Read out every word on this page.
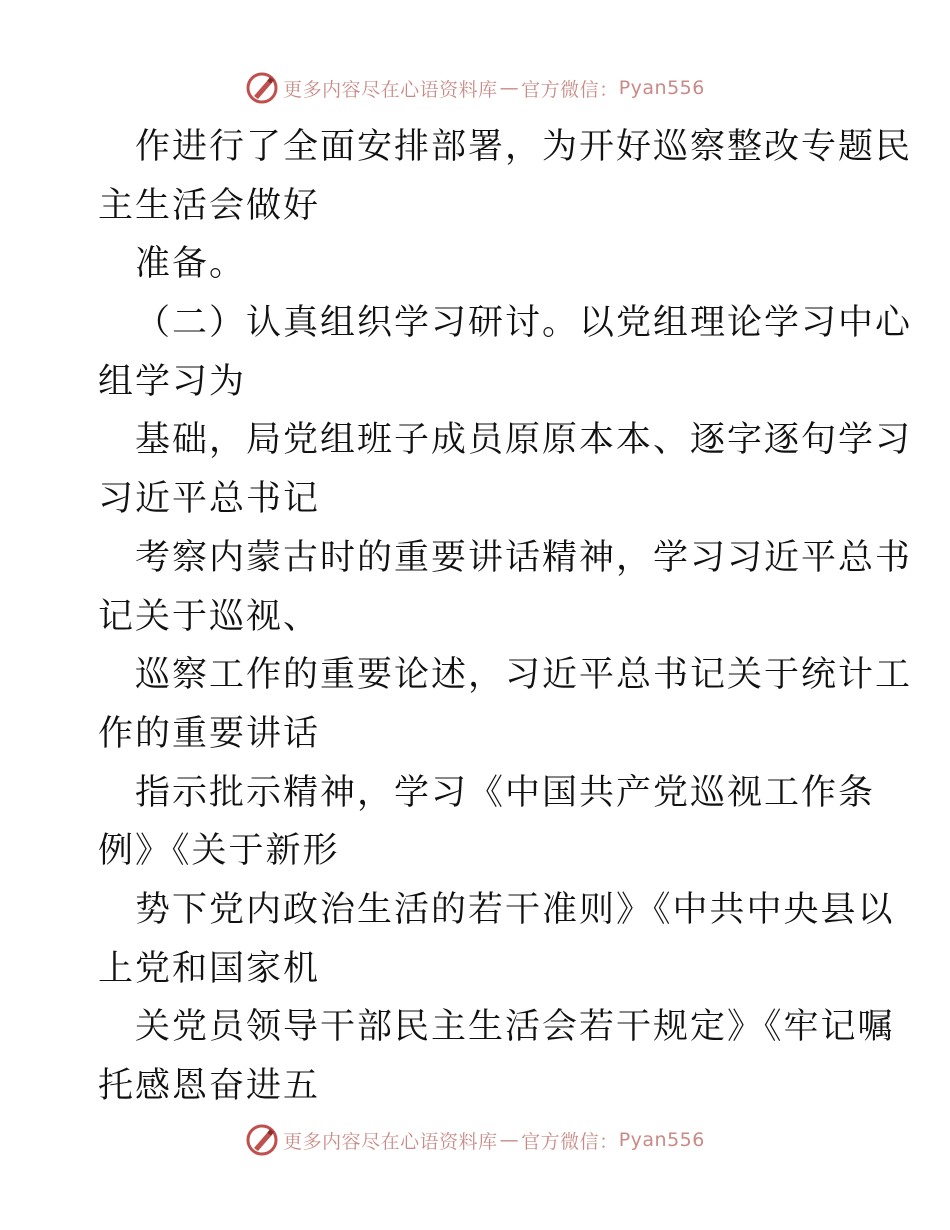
更多内容尽在心语资料库 — 官方微信： Pyan556
作进行了全面安排部署，为开好巡察整改专题民
主生活会做好
准备。
（二）认真组织学习研讨。以党组理论学习中心
组学习为
基础，局党组班子成员原原本本、逐字逐句学习
习近平总书记
考察内蒙古时的重要讲话精神，学习习近平总书
记关于巡视、
巡察工作的重要论述，习近平总书记关于统计工
作的重要讲话
指示批示精神，学习《中国共产党巡视工作条
例》《关于新形
势下党内政治生活的若干准则》《中共中央县以
上党和国家机
关党员领导干部民主生活会若干规定》《牢记嘱
托感恩奋进五
更多内容尽在心语资料库 — 官方微信： Pyan556
